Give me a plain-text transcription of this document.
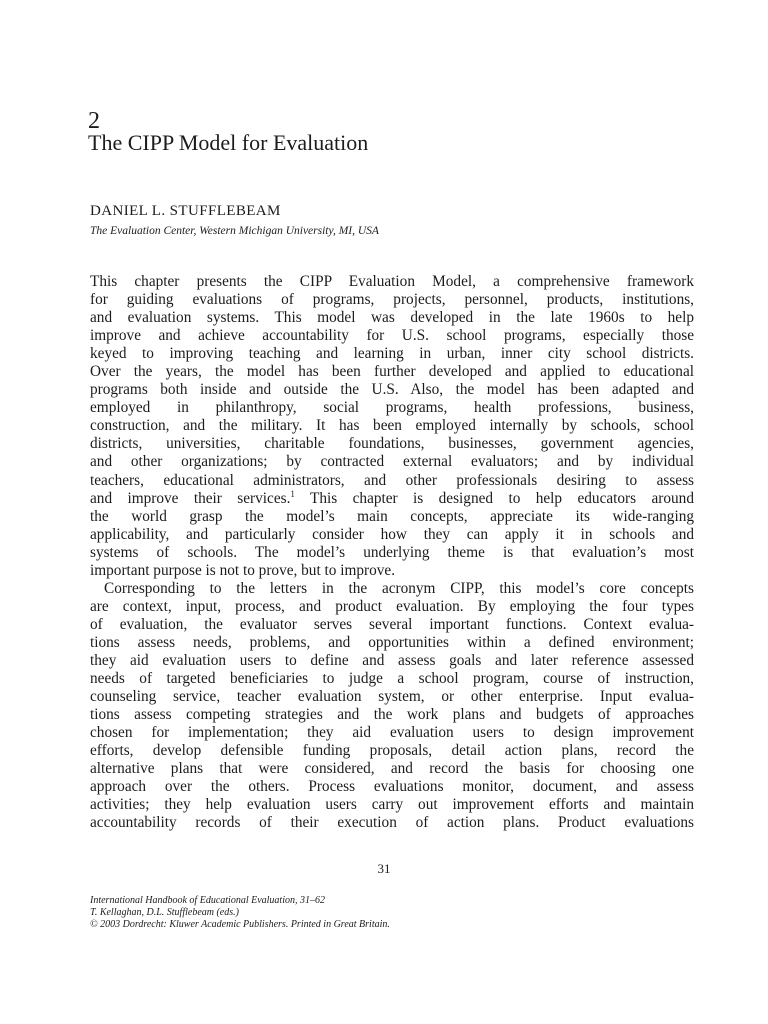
2
The CIPP Model for Evaluation
DANIEL L. STUFFLEBEAM
The Evaluation Center, Western Michigan University, MI, USA
This chapter presents the CIPP Evaluation Model, a comprehensive framework
for guiding evaluations of programs, projects, personnel, products, institutions,
and evaluation systems. This model was developed in the late 1960s to help
improve and achieve accountability for U.S. school programs, especially those
keyed to improving teaching and learning in urban, inner city school districts.
Over the years, the model has been further developed and applied to educational
programs both inside and outside the U.S. Also, the model has been adapted and
employed in philanthropy, social programs, health professions, business,
construction, and the military. It has been employed internally by schools, school
districts, universities, charitable foundations, businesses, government agencies,
and other organizations; by contracted external evaluators; and by individual
teachers, educational administrators, and other professionals desiring to assess
and improve their services.$^1$ This chapter is designed to help educators around
the world grasp the model’s main concepts, appreciate its wide-ranging
applicability, and particularly consider how they can apply it in schools and
systems of schools. The model’s underlying theme is that evaluation’s most
important purpose is not to prove, but to improve.
Corresponding to the letters in the acronym CIPP, this model’s core concepts
are context, input, process, and product evaluation. By employing the four types
of evaluation, the evaluator serves several important functions. Context evalua-
tions assess needs, problems, and opportunities within a defined environment;
they aid evaluation users to define and assess goals and later reference assessed
needs of targeted beneficiaries to judge a school program, course of instruction,
counseling service, teacher evaluation system, or other enterprise. Input evalua-
tions assess competing strategies and the work plans and budgets of approaches
chosen for implementation; they aid evaluation users to design improvement
efforts, develop defensible funding proposals, detail action plans, record the
alternative plans that were considered, and record the basis for choosing one
approach over the others. Process evaluations monitor, document, and assess
activities; they help evaluation users carry out improvement efforts and maintain
accountability records of their execution of action plans. Product evaluations
31
International Handbook of Educational Evaluation, 31–62
T. Kellaghan, D.L. Stufflebeam (eds.)
© 2003 Dordrecht: Kluwer Academic Publishers. Printed in Great Britain.
